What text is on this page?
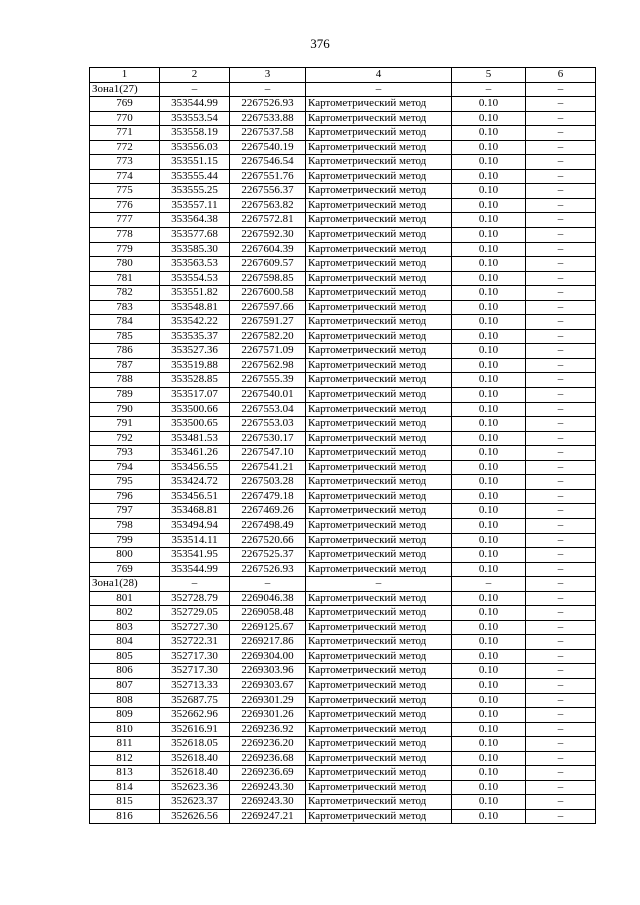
376
1	2	3	4	5	6
Зона1(27)	–	–	–	–	–
769	353544.99	2267526.93	Картометрический метод	0.10	–
770	353553.54	2267533.88	Картометрический метод	0.10	–
771	353558.19	2267537.58	Картометрический метод	0.10	–
772	353556.03	2267540.19	Картометрический метод	0.10	–
773	353551.15	2267546.54	Картометрический метод	0.10	–
774	353555.44	2267551.76	Картометрический метод	0.10	–
775	353555.25	2267556.37	Картометрический метод	0.10	–
776	353557.11	2267563.82	Картометрический метод	0.10	–
777	353564.38	2267572.81	Картометрический метод	0.10	–
778	353577.68	2267592.30	Картометрический метод	0.10	–
779	353585.30	2267604.39	Картометрический метод	0.10	–
780	353563.53	2267609.57	Картометрический метод	0.10	–
781	353554.53	2267598.85	Картометрический метод	0.10	–
782	353551.82	2267600.58	Картометрический метод	0.10	–
783	353548.81	2267597.66	Картометрический метод	0.10	–
784	353542.22	2267591.27	Картометрический метод	0.10	–
785	353535.37	2267582.20	Картометрический метод	0.10	–
786	353527.36	2267571.09	Картометрический метод	0.10	–
787	353519.88	2267562.98	Картометрический метод	0.10	–
788	353528.85	2267555.39	Картометрический метод	0.10	–
789	353517.07	2267540.01	Картометрический метод	0.10	–
790	353500.66	2267553.04	Картометрический метод	0.10	–
791	353500.65	2267553.03	Картометрический метод	0.10	–
792	353481.53	2267530.17	Картометрический метод	0.10	–
793	353461.26	2267547.10	Картометрический метод	0.10	–
794	353456.55	2267541.21	Картометрический метод	0.10	–
795	353424.72	2267503.28	Картометрический метод	0.10	–
796	353456.51	2267479.18	Картометрический метод	0.10	–
797	353468.81	2267469.26	Картометрический метод	0.10	–
798	353494.94	2267498.49	Картометрический метод	0.10	–
799	353514.11	2267520.66	Картометрический метод	0.10	–
800	353541.95	2267525.37	Картометрический метод	0.10	–
769	353544.99	2267526.93	Картометрический метод	0.10	–
Зона1(28)	–	–	–	–	–
801	352728.79	2269046.38	Картометрический метод	0.10	–
802	352729.05	2269058.48	Картометрический метод	0.10	–
803	352727.30	2269125.67	Картометрический метод	0.10	–
804	352722.31	2269217.86	Картометрический метод	0.10	–
805	352717.30	2269304.00	Картометрический метод	0.10	–
806	352717.30	2269303.96	Картометрический метод	0.10	–
807	352713.33	2269303.67	Картометрический метод	0.10	–
808	352687.75	2269301.29	Картометрический метод	0.10	–
809	352662.96	2269301.26	Картометрический метод	0.10	–
810	352616.91	2269236.92	Картометрический метод	0.10	–
811	352618.05	2269236.20	Картометрический метод	0.10	–
812	352618.40	2269236.68	Картометрический метод	0.10	–
813	352618.40	2269236.69	Картометрический метод	0.10	–
814	352623.36	2269243.30	Картометрический метод	0.10	–
815	352623.37	2269243.30	Картометрический метод	0.10	–
816	352626.56	2269247.21	Картометрический метод	0.10	–
